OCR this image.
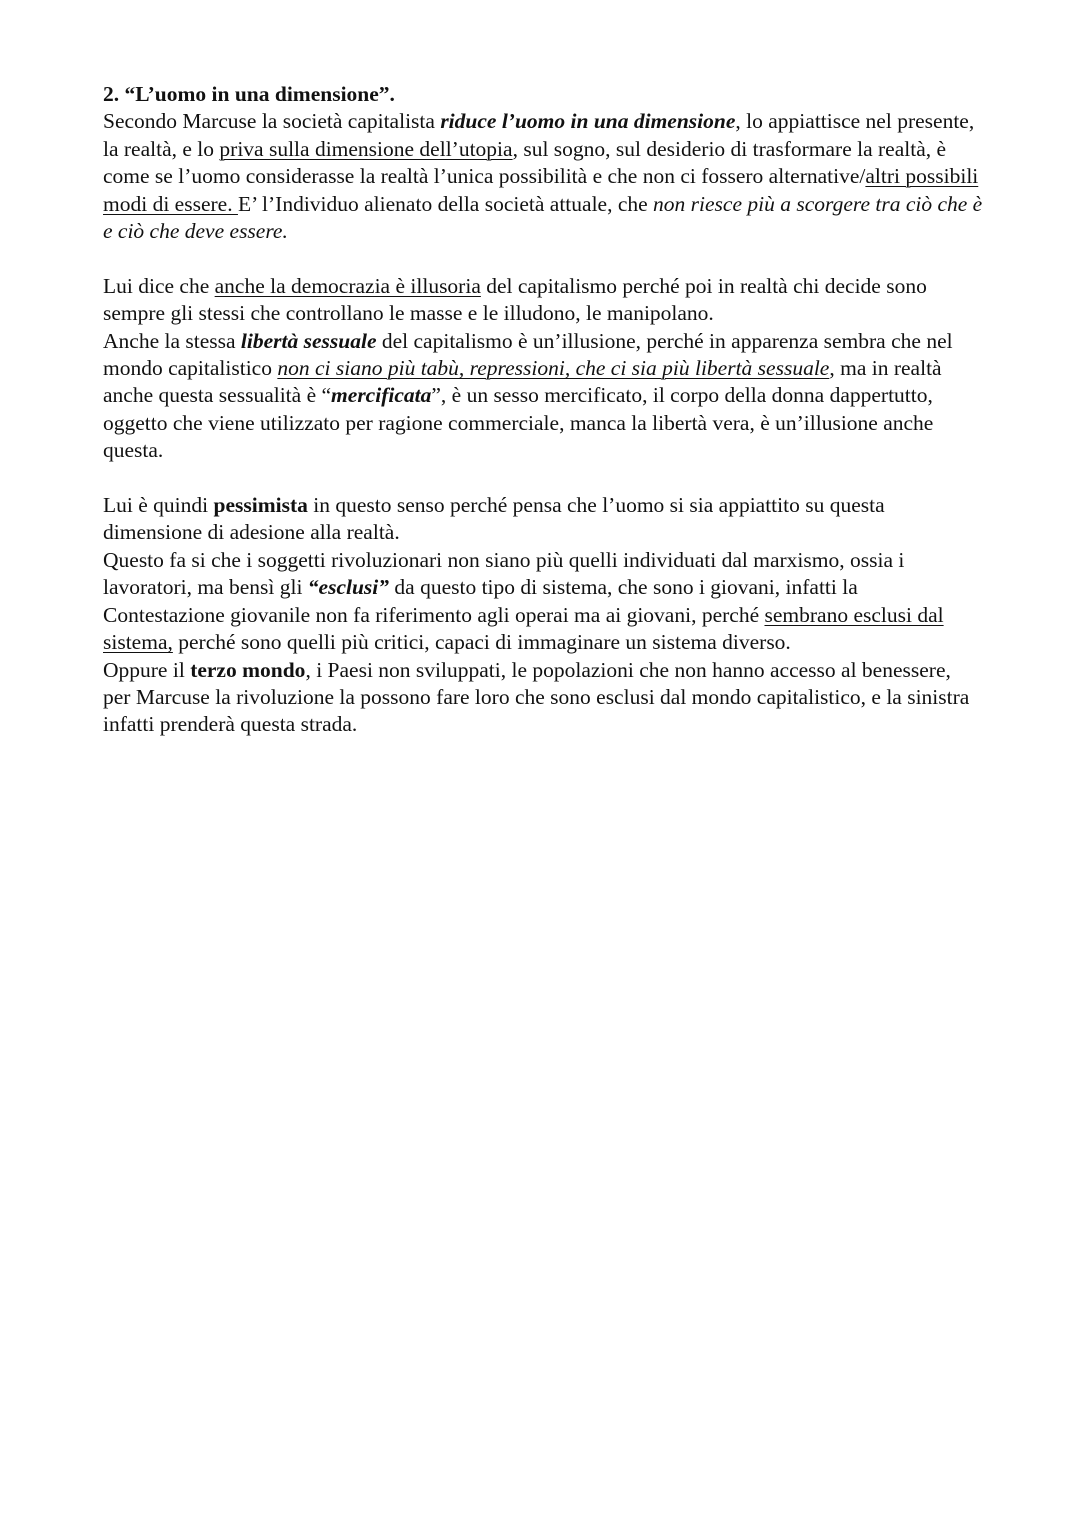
2. “L’uomo in una dimensione”.
Secondo Marcuse la società capitalista riduce l’uomo in una dimensione, lo appiattisce nel presente, la realtà, e lo priva sulla dimensione dell’utopia, sul sogno, sul desiderio di trasformare la realtà, è come se l’uomo considerasse la realtà l’unica possibilità e che non ci fossero alternative/altri possibili modi di essere. E’ l’Individuo alienato della società attuale, che non riesce più a scorgere tra ciò che è e ciò che deve essere.
Lui dice che anche la democrazia è illusoria del capitalismo perché poi in realtà chi decide sono sempre gli stessi che controllano le masse e le illudono, le manipolano.
Anche la stessa libertà sessuale del capitalismo è un’illusione, perché in apparenza sembra che nel mondo capitalistico non ci siano più tabù, repressioni, che ci sia più libertà sessuale, ma in realtà anche questa sessualità è “mercificata”, è un sesso mercificato, il corpo della donna dappertutto, oggetto che viene utilizzato per ragione commerciale, manca la libertà vera, è un’illusione anche questa.
Lui è quindi pessimista in questo senso perché pensa che l’uomo si sia appiattito su questa dimensione di adesione alla realtà.
Questo fa si che i soggetti rivoluzionari non siano più quelli individuati dal marxismo, ossia i lavoratori, ma bensì gli “esclusi” da questo tipo di sistema, che sono i giovani, infatti la Contestazione giovanile non fa riferimento agli operai ma ai giovani, perché sembrano esclusi dal sistema, perché sono quelli più critici, capaci di immaginare un sistema diverso.
Oppure il terzo mondo, i Paesi non sviluppati, le popolazioni che non hanno accesso al benessere, per Marcuse la rivoluzione la possono fare loro che sono esclusi dal mondo capitalistico, e la sinistra infatti prenderà questa strada.
